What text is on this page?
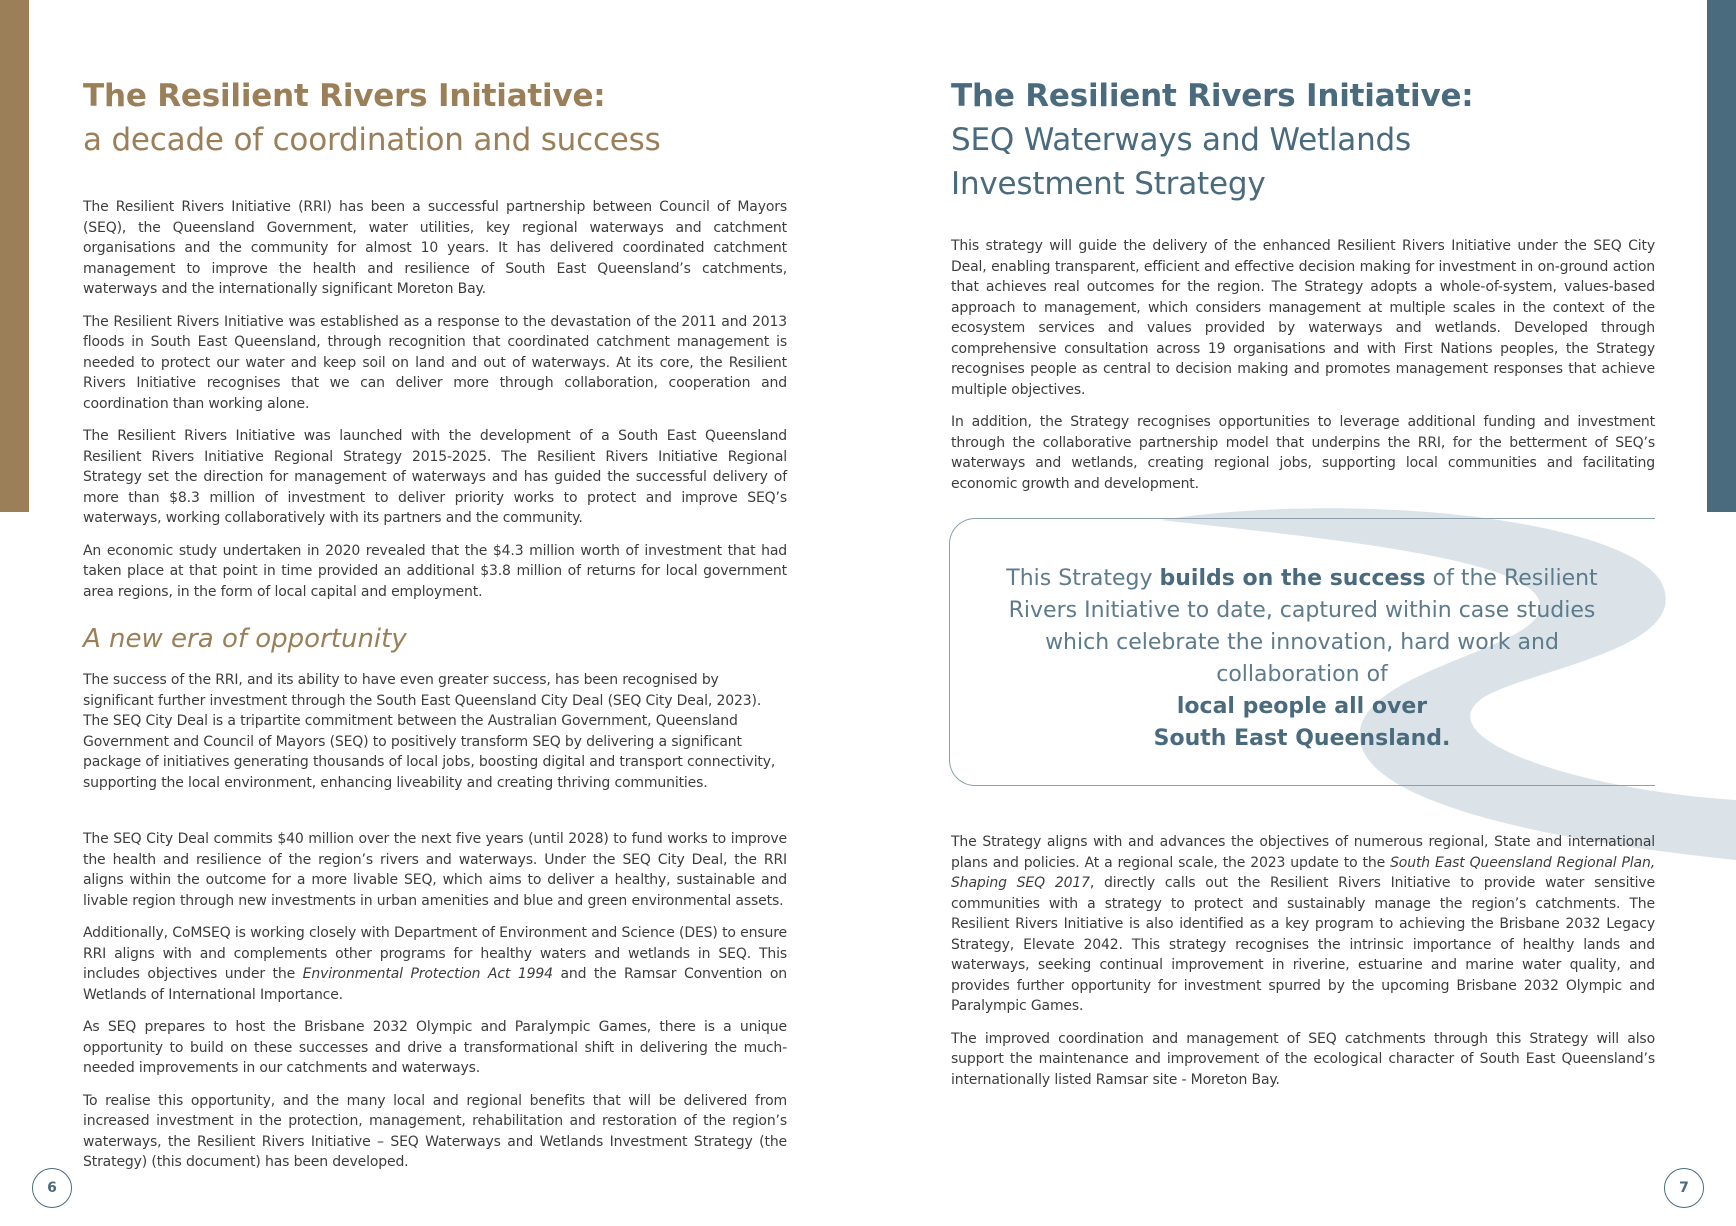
The Resilient Rivers Initiative:

a decade of coordination and success

The Resilient Rivers Initiative (RRI) has been a successful partnership between Council of Mayors (SEQ), the Queensland Government, water utilities, key regional waterways and catchment organisations and the community for almost 10 years. It has delivered coordinated catchment management to improve the health and resilience of South East Queensland’s catchments, waterways and the internationally significant Moreton Bay.

The Resilient Rivers Initiative was established as a response to the devastation of the 2011 and 2013 floods in South East Queensland, through recognition that coordinated catchment management is needed to protect our water and keep soil on land and out of waterways. At its core, the Resilient Rivers Initiative recognises that we can deliver more through collaboration, cooperation and coordination than working alone.

The Resilient Rivers Initiative was launched with the development of a South East Queensland Resilient Rivers Initiative Regional Strategy 2015-2025. The Resilient Rivers Initiative Regional Strategy set the direction for management of waterways and has guided the successful delivery of more than $8.3 million of investment to deliver priority works to protect and improve SEQ’s waterways, working collaboratively with its partners and the community.

An economic study undertaken in 2020 revealed that the $4.3 million worth of investment that had taken place at that point in time provided an additional $3.8 million of returns for local government area regions, in the form of local capital and employment.

A new era of opportunity

The success of the RRI, and its ability to have even greater success, has been recognised by significant further investment through the South East Queensland City Deal (SEQ City Deal, 2023). The SEQ City Deal is a tripartite commitment between the Australian Government, Queensland Government and Council of Mayors (SEQ) to positively transform SEQ by delivering a significant package of initiatives generating thousands of local jobs, boosting digital and transport connectivity, supporting the local environment, enhancing liveability and creating thriving communities.

The SEQ City Deal commits $40 million over the next five years (until 2028) to fund works to improve the health and resilience of the region’s rivers and waterways. Under the SEQ City Deal, the RRI aligns within the outcome for a more livable SEQ, which aims to deliver a healthy, sustainable and livable region through new investments in urban amenities and blue and green environmental assets.

Additionally, CoMSEQ is working closely with Department of Environment and Science (DES) to ensure RRI aligns with and complements other programs for healthy waters and wetlands in SEQ. This includes objectives under the Environmental Protection Act 1994 and the Ramsar Convention on Wetlands of International Importance.

As SEQ prepares to host the Brisbane 2032 Olympic and Paralympic Games, there is a unique opportunity to build on these successes and drive a transformational shift in delivering the much-needed improvements in our catchments and waterways.

To realise this opportunity, and the many local and regional benefits that will be delivered from increased investment in the protection, management, rehabilitation and restoration of the region’s waterways, the Resilient Rivers Initiative – SEQ Waterways and Wetlands Investment Strategy (the Strategy) (this document) has been developed.

The Resilient Rivers Initiative:

SEQ Waterways and Wetlands

Investment Strategy

This strategy will guide the delivery of the enhanced Resilient Rivers Initiative under the SEQ City Deal, enabling transparent, efficient and effective decision making for investment in on-ground action that achieves real outcomes for the region. The Strategy adopts a whole-of-system, values-based approach to management, which considers management at multiple scales in the context of the ecosystem services and values provided by waterways and wetlands. Developed through comprehensive consultation across 19 organisations and with First Nations peoples, the Strategy recognises people as central to decision making and promotes management responses that achieve multiple objectives.

In addition, the Strategy recognises opportunities to leverage additional funding and investment through the collaborative partnership model that underpins the RRI, for the betterment of SEQ’s waterways and wetlands, creating regional jobs, supporting local communities and facilitating economic growth and development.

This Strategy builds on the success of the Resilient Rivers Initiative to date, captured within case studies which celebrate the innovation, hard work and collaboration of
local people all over
South East Queensland.

The Strategy aligns with and advances the objectives of numerous regional, State and international plans and policies. At a regional scale, the 2023 update to the South East Queensland Regional Plan, Shaping SEQ 2017, directly calls out the Resilient Rivers Initiative to provide water sensitive communities with a strategy to protect and sustainably manage the region’s catchments. The Resilient Rivers Initiative is also identified as a key program to achieving the Brisbane 2032 Legacy Strategy, Elevate 2042. This strategy recognises the intrinsic importance of healthy lands and waterways, seeking continual improvement in riverine, estuarine and marine water quality, and provides further opportunity for investment spurred by the upcoming Brisbane 2032 Olympic and Paralympic Games.

The improved coordination and management of SEQ catchments through this Strategy will also support the maintenance and improvement of the ecological character of South East Queensland’s internationally listed Ramsar site - Moreton Bay.

6	7
